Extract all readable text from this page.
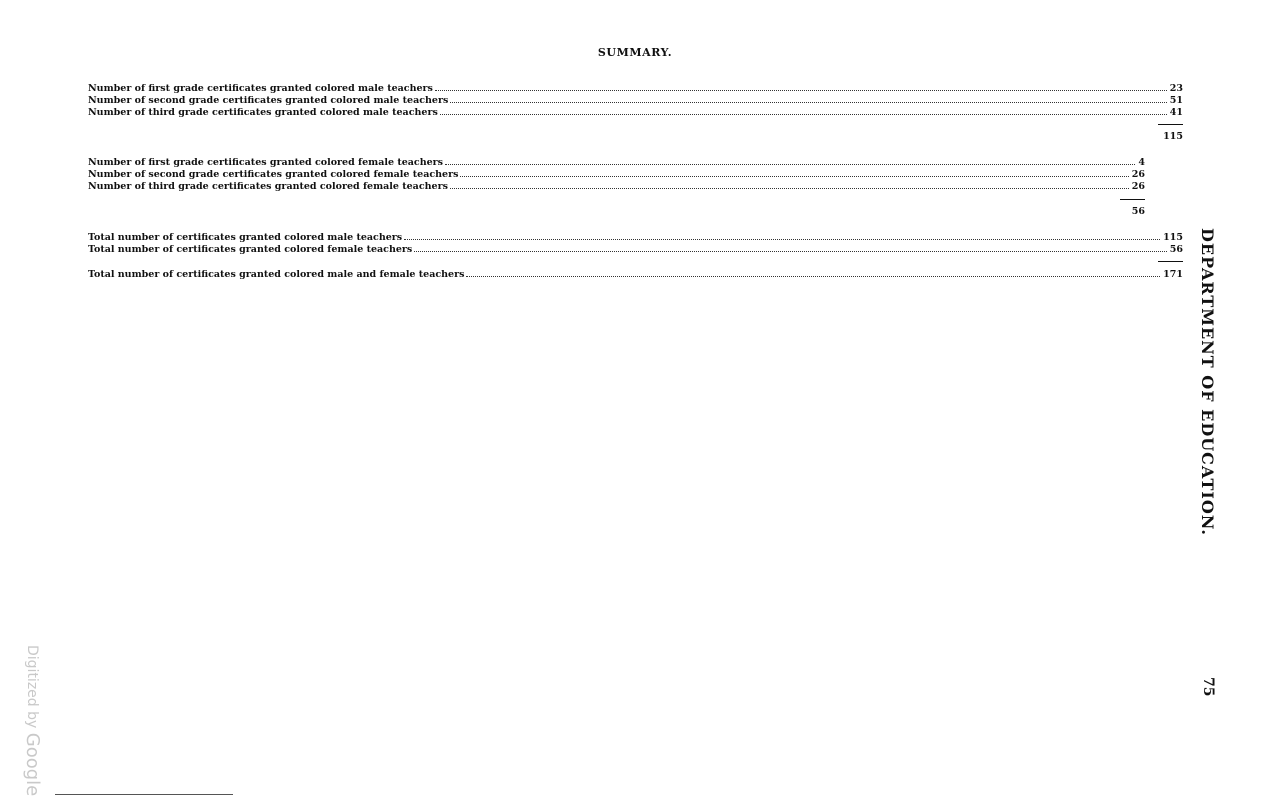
SUMMARY.
Number of first grade certificates granted colored male teachers	23
Number of second grade certificates granted colored male teachers	51
Number of third grade certificates granted colored male teachers	41
115
Number of first grade certificates granted colored female teachers	4
Number of second grade certificates granted colored female teachers	26
Number of third grade certificates granted colored female teachers	26
56
Total number of certificates granted colored male teachers	115
Total number of certificates granted colored female teachers	56
Total number of certificates granted colored male and female teachers	171 DEPARTMENT OF EDUCATION.
75
Digitized by Google
